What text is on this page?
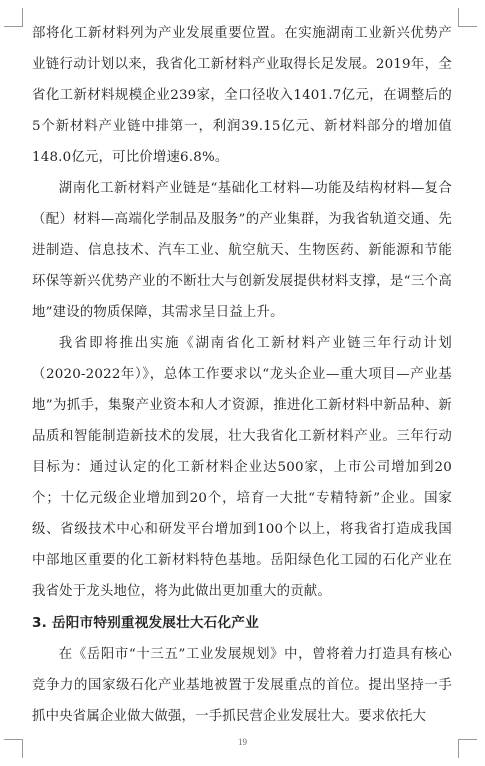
部将化工新材料列为产业发展重要位置。在实施湖南工业新兴优势产业链行动计划以来，我省化工新材料产业取得长足发展。2019年，全省化工新材料规模企业239家，全口径收入1401.7亿元，在调整后的5个新材料产业链中排第一，利润39.15亿元、新材料部分的增加值148.0亿元，可比价增速6.8%。

湖南化工新材料产业链是“基础化工材料—功能及结构材料—复合（配）材料—高端化学制品及服务”的产业集群，为我省轨道交通、先进制造、信息技术、汽车工业、航空航天、生物医药、新能源和节能环保等新兴优势产业的不断壮大与创新发展提供材料支撑，是“三个高地”建设的物质保障，其需求呈日益上升。

我省即将推出实施《湖南省化工新材料产业链三年行动计划（2020-2022年）》，总体工作要求以“龙头企业—重大项目—产业基地”为抓手，集聚产业资本和人才资源，推进化工新材料中新品种、新品质和智能制造新技术的发展，壮大我省化工新材料产业。三年行动目标为：通过认定的化工新材料企业达500家，上市公司增加到20个；十亿元级企业增加到20个，培育一大批“专精特新”企业。国家级、省级技术中心和研发平台增加到100个以上，将我省打造成我国中部地区重要的化工新材料特色基地。岳阳绿色化工园的石化产业在我省处于龙头地位，将为此做出更加重大的贡献。

3. 岳阳市特别重视发展壮大石化产业

在《岳阳市“十三五”工业发展规划》中，曾将着力打造具有核心竞争力的国家级石化产业基地被置于发展重点的首位。提出坚持一手抓中央省属企业做大做强，一手抓民营企业发展壮大。要求依托大

19
